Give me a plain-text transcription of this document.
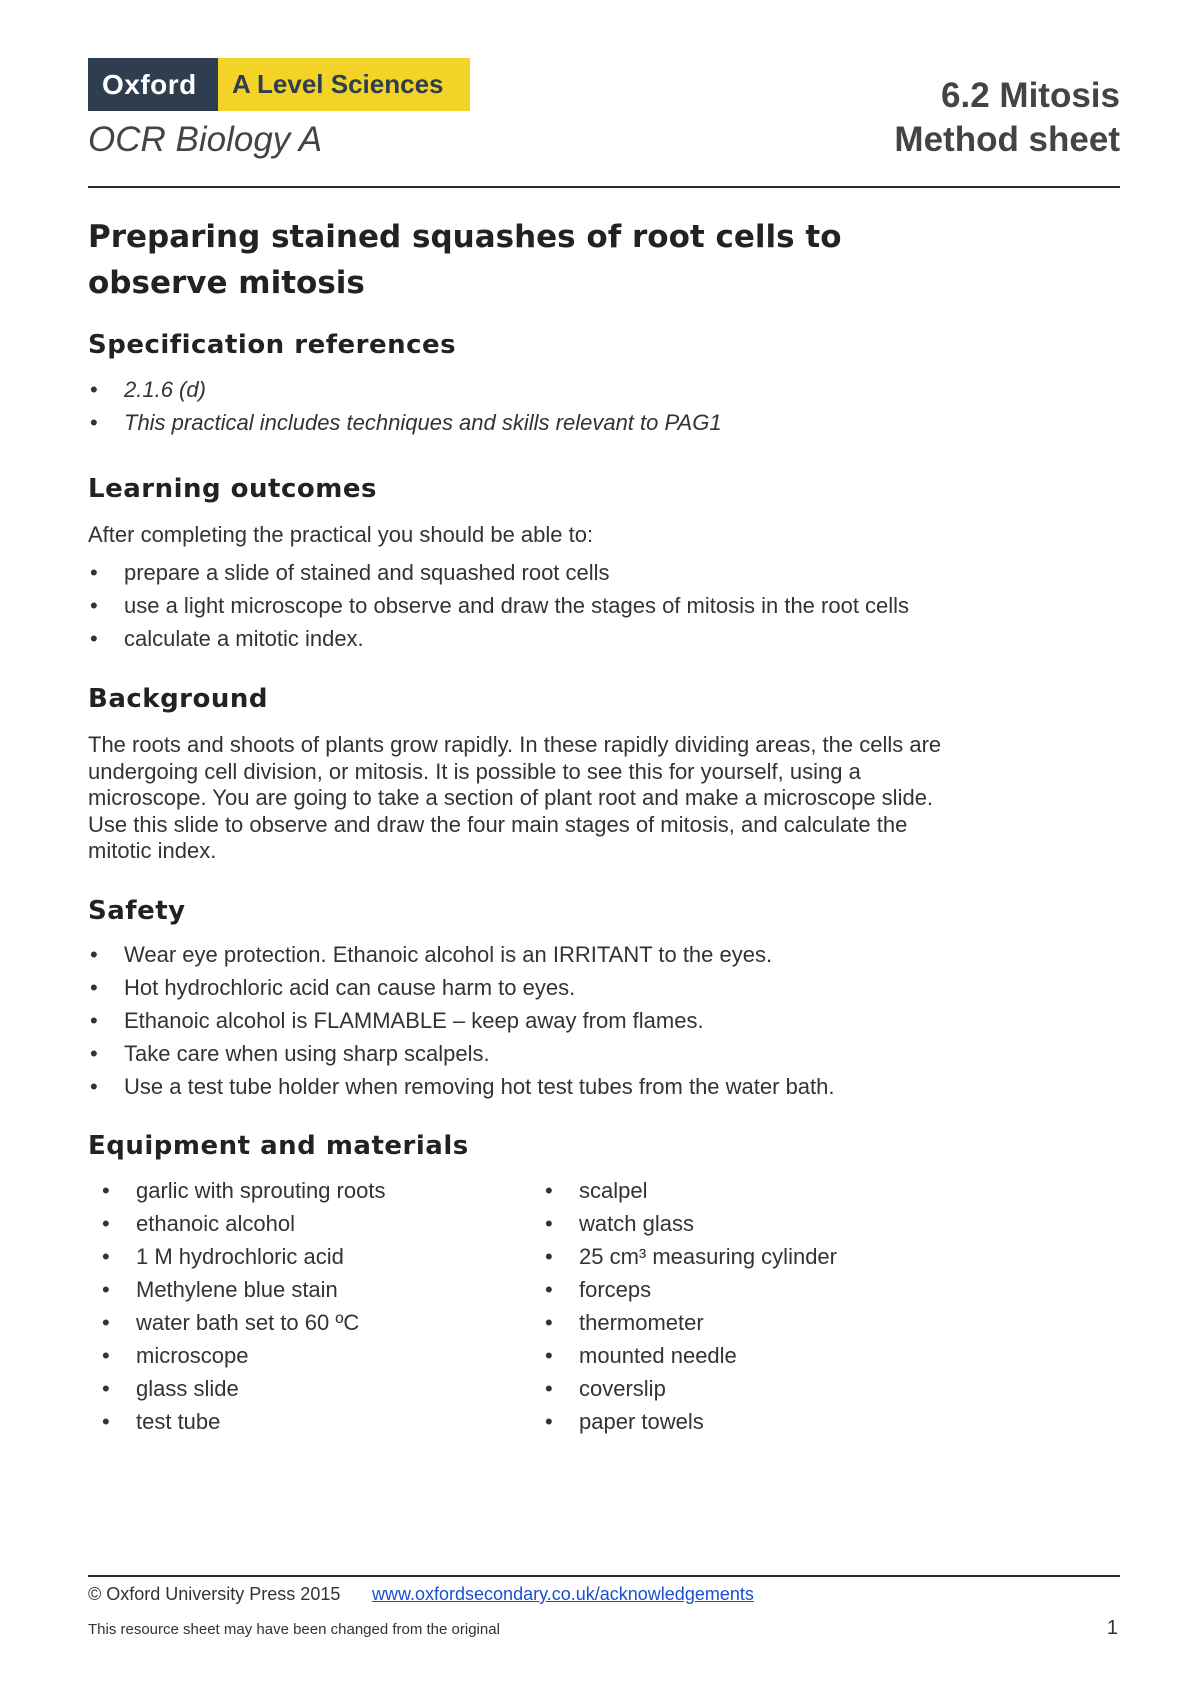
Oxford	A Level Sciences
OCR Biology A
6.2 Mitosis
Method sheet
Preparing stained squashes of root cells to observe mitosis
Specification references
• 2.1.6 (d)
• This practical includes techniques and skills relevant to PAG1
Learning outcomes

After completing the practical you should be able to:

• prepare a slide of stained and squashed root cells
• use a light microscope to observe and draw the stages of mitosis in the root cells
• calculate a mitotic index.
Background

The roots and shoots of plants grow rapidly. In these rapidly dividing areas, the cells are undergoing cell division, or mitosis. It is possible to see this for yourself, using a microscope. You are going to take a section of plant root and make a microscope slide. Use this slide to observe and draw the four main stages of mitosis, and calculate the mitotic index.

Safety
• Wear eye protection. Ethanoic alcohol is an IRRITANT to the eyes.
• Hot hydrochloric acid can cause harm to eyes.
• Ethanoic alcohol is FLAMMABLE – keep away from flames.
• Take care when using sharp scalpels.
• Use a test tube holder when removing hot test tubes from the water bath.
Equipment and materials
• garlic with sprouting roots
• ethanoic alcohol
• 1 M hydrochloric acid
• Methylene blue stain
• water bath set to 60 ºC
• microscope
• glass slide
• test tube
• scalpel
• watch glass
• 25 cm³ measuring cylinder
• forceps
• thermometer
• mounted needle
• coverslip
• paper towels
© Oxford University Press 2015 www.oxfordsecondary.co.uk/acknowledgements
This resource sheet may have been changed from the original	1
